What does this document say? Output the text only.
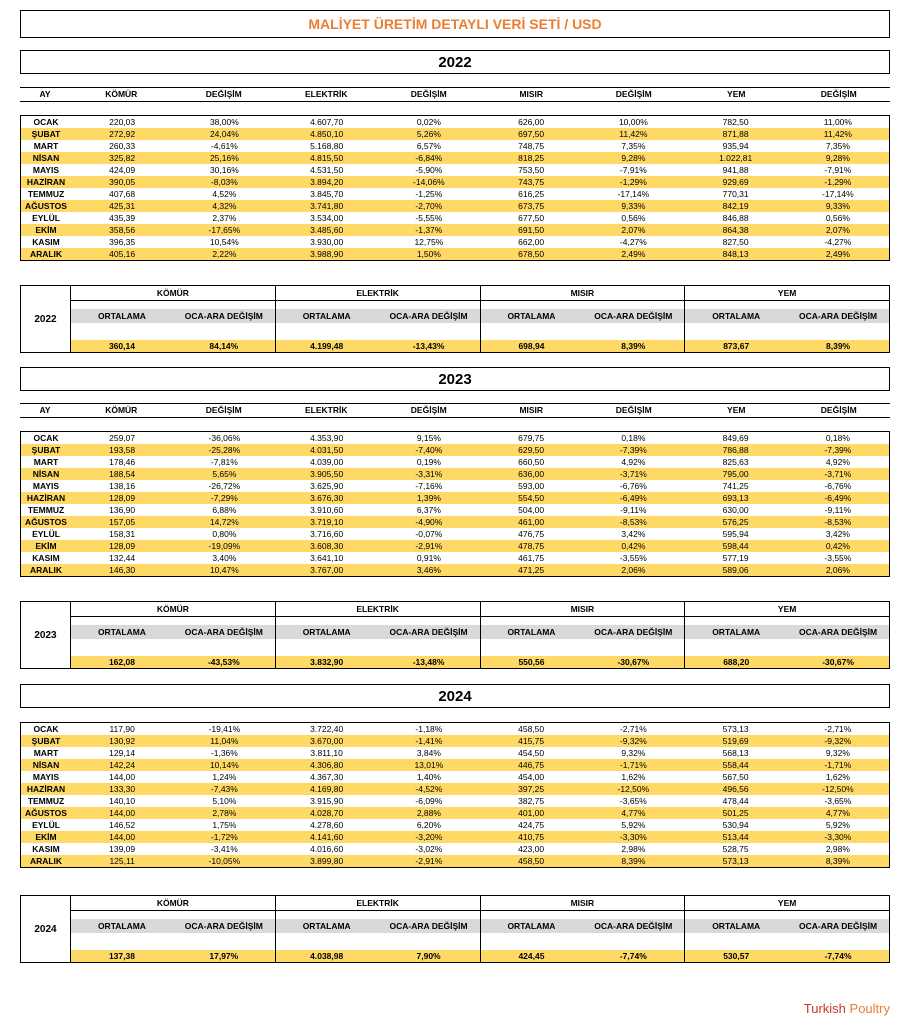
MALİYET ÜRETİM DETAYLI VERİ SETİ / USD
2022
AY	KÖMÜR	DEĞİŞİM	ELEKTRİK	DEĞİŞİM	MISIR	DEĞİŞİM	YEM	DEĞİŞİM
OCAK	220,03	38,00%	4.607,70	0,02%	626,00	10,00%	782,50	11,00%
ŞUBAT	272,92	24,04%	4.850,10	5,26%	697,50	11,42%	871,88	11,42%
MART	260,33	-4,61%	5.168,80	6,57%	748,75	7,35%	935,94	7,35%
NİSAN	325,82	25,16%	4.815,50	-6,84%	818,25	9,28%	1.022,81	9,28%
MAYIS	424,09	30,16%	4.531,50	-5,90%	753,50	-7,91%	941,88	-7,91%
HAZİRAN	390,05	-8,03%	3.894,20	-14,06%	743,75	-1,29%	929,69	-1,29%
TEMMUZ	407,68	4,52%	3.845,70	-1,25%	616,25	-17,14%	770,31	-17,14%
AĞUSTOS	425,31	4,32%	3.741,80	-2,70%	673,75	9,33%	842,19	9,33%
EYLÜL	435,39	2,37%	3.534,00	-5,55%	677,50	0,56%	846,88	0,56%
EKİM	358,56	-17,65%	3.485,60	-1,37%	691,50	2,07%	864,38	2,07%
KASIM	396,35	10,54%	3.930,00	12,75%	662,00	-4,27%	827,50	-4,27%
ARALIK	405,16	2,22%	3.988,90	1,50%	678,50	2,49%	848,13	2,49%
2022
KÖMÜR
ORTALAMA	OCA-ARA DEĞİŞİM
360,14	84,14%
ELEKTRİK
ORTALAMA	OCA-ARA DEĞİŞİM
4.199,48	-13,43%
MISIR
ORTALAMA	OCA-ARA DEĞİŞİM
698,94	8,39%
YEM
ORTALAMA	OCA-ARA DEĞİŞİM
873,67	8,39%
2023
AY	KÖMÜR	DEĞİŞİM	ELEKTRİK	DEĞİŞİM	MISIR	DEĞİŞİM	YEM	DEĞİŞİM
OCAK	259,07	-36,06%	4.353,90	9,15%	679,75	0,18%	849,69	0,18%
ŞUBAT	193,58	-25,28%	4.031,50	-7,40%	629,50	-7,39%	786,88	-7,39%
MART	178,46	-7,81%	4.039,00	0,19%	660,50	4,92%	825,63	4,92%
NİSAN	188,54	5,65%	3.905,50	-3,31%	636,00	-3,71%	795,00	-3,71%
MAYIS	138,16	-26,72%	3.625,90	-7,16%	593,00	-6,76%	741,25	-6,76%
HAZİRAN	128,09	-7,29%	3.676,30	1,39%	554,50	-6,49%	693,13	-6,49%
TEMMUZ	136,90	6,88%	3.910,60	6,37%	504,00	-9,11%	630,00	-9,11%
AĞUSTOS	157,05	14,72%	3.719,10	-4,90%	461,00	-8,53%	576,25	-8,53%
EYLÜL	158,31	0,80%	3.716,60	-0,07%	476,75	3,42%	595,94	3,42%
EKİM	128,09	-19,09%	3.608,30	-2,91%	478,75	0,42%	598,44	0,42%
KASIM	132,44	3,40%	3.641,10	0,91%	461,75	-3,55%	577,19	-3,55%
ARALIK	146,30	10,47%	3.767,00	3,46%	471,25	2,06%	589,06	2,06%
2023
KÖMÜR
ORTALAMA	OCA-ARA DEĞİŞİM
162,08	-43,53%
ELEKTRİK
ORTALAMA	OCA-ARA DEĞİŞİM
3.832,90	-13,48%
MISIR
ORTALAMA	OCA-ARA DEĞİŞİM
550,56	-30,67%
YEM
ORTALAMA	OCA-ARA DEĞİŞİM
688,20	-30,67%
2024
OCAK	117,90	-19,41%	3.722,40	-1,18%	458,50	-2,71%	573,13	-2,71%
ŞUBAT	130,92	11,04%	3.670,00	-1,41%	415,75	-9,32%	519,69	-9,32%
MART	129,14	-1,36%	3.811,10	3,84%	454,50	9,32%	568,13	9,32%
NİSAN	142,24	10,14%	4.306,80	13,01%	446,75	-1,71%	558,44	-1,71%
MAYIS	144,00	1,24%	4.367,30	1,40%	454,00	1,62%	567,50	1,62%
HAZİRAN	133,30	-7,43%	4.169,80	-4,52%	397,25	-12,50%	496,56	-12,50%
TEMMUZ	140,10	5,10%	3.915,90	-6,09%	382,75	-3,65%	478,44	-3,65%
AĞUSTOS	144,00	2,78%	4.028,70	2,88%	401,00	4,77%	501,25	4,77%
EYLÜL	146,52	1,75%	4.278,60	6,20%	424,75	5,92%	530,94	5,92%
EKİM	144,00	-1,72%	4.141,60	-3,20%	410,75	-3,30%	513,44	-3,30%
KASIM	139,09	-3,41%	4.016,60	-3,02%	423,00	2,98%	528,75	2,98%
ARALIK	125,11	-10,05%	3.899,80	-2,91%	458,50	8,39%	573,13	8,39%
2024
KÖMÜR
ORTALAMA	OCA-ARA DEĞİŞİM
137,38	17,97%
ELEKTRİK
ORTALAMA	OCA-ARA DEĞİŞİM
4.038,98	7,90%
MISIR
ORTALAMA	OCA-ARA DEĞİŞİM
424,45	-7,74%
YEM
ORTALAMA	OCA-ARA DEĞİŞİM
530,57	-7,74%
Turkish Poultry
